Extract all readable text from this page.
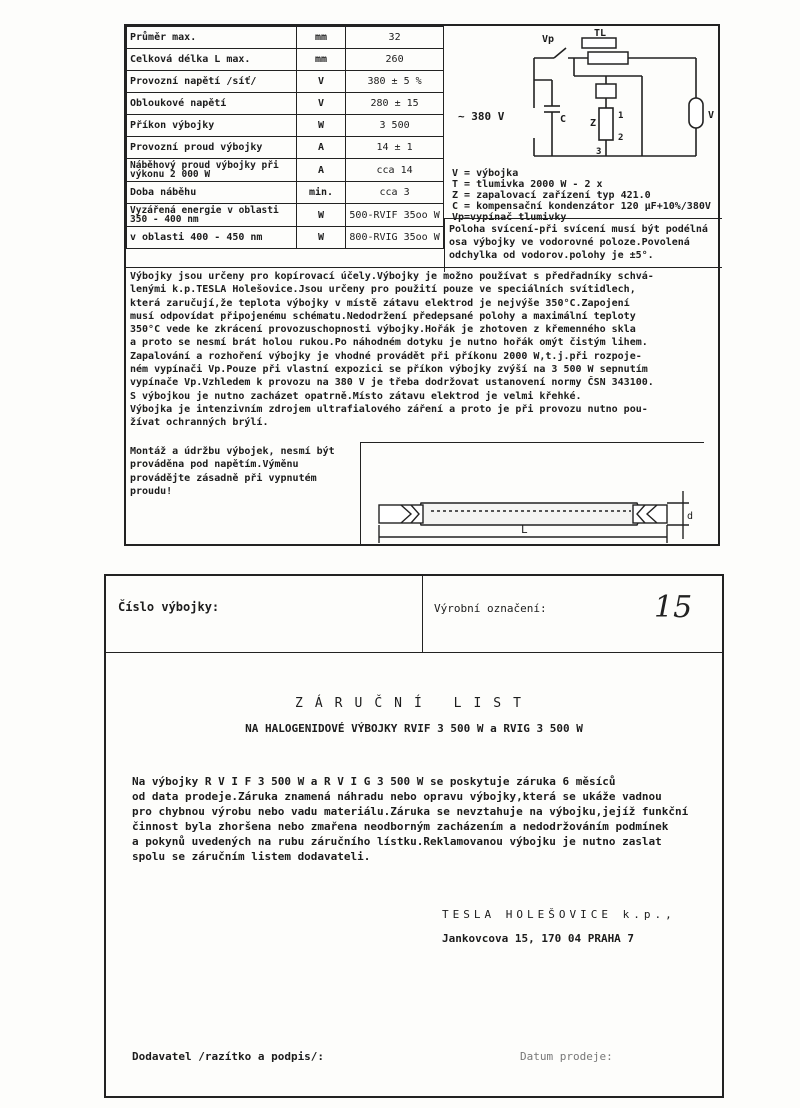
Průměr max.	mm	32
Celková délka L max.	mm	260
Provozní napětí /síť/	V	380 ± 5 %
Obloukové napětí	V	280 ± 15
Příkon výbojky	W	3 500
Provozní proud výbojky	A	14 ± 1
Náběhový proud výbojky při výkonu 2 000 W	A	cca 14
Doba náběhu	min.	cca 3
Vyzářená energie v oblasti 350 - 400 nm	W	500-RVIF 35oo W
v oblasti 400 - 450 nm	W	800-RVIG 35oo W
Vp
TL
~ 380 V	C Z
V
1
2
3
V = výbojka
T = tlumivka 2000 W - 2 x
Z = zapalovací zařízení typ 421.0
C = kompensační kondenzátor 120 μF+10%/380V
Vp=vypínač tlumivky
Poloha svícení-při svícení musí být podélná osa výbojky ve vodorovné poloze.Povolená odchylka od vodorov.polohy je ±5°.
Výbojky jsou určeny pro kopírovací účely.Výbojky je možno používat s předřadníky schvá-
lenými k.p.TESLA Holešovice.Jsou určeny pro použití pouze ve speciálních svítidlech,
která zaručují,že teplota výbojky v místě zátavu elektrod je nejvýše 350°C.Zapojení
musí odpovídat připojenému schématu.Nedodržení předepsané polohy a maximální teploty
350°C vede ke zkrácení provozuschopnosti výbojky.Hořák je zhotoven z křemenného skla
a proto se nesmí brát holou rukou.Po náhodném dotyku je nutno hořák omýt čistým lihem.
Zapalování a rozhoření výbojky je vhodné provádět při příkonu 2000 W,t.j.při rozpoje-
ném vypínači Vp.Pouze při vlastní expozici se příkon výbojky zvýší na 3 500 W sepnutím
vypínače Vp.Vzhledem k provozu na 380 V je třeba dodržovat ustanovení normy ČSN 343100.
S výbojkou je nutno zacházet opatrně.Místo zátavu elektrod je velmi křehké.
Výbojka je intenzivním zdrojem ultrafialového záření a proto je při provozu nutno pou-
žívat ochranných brýlí.
Montáž a údržbu výbojek, nesmí být
prováděna pod napětím.Výměnu
provádějte zásadně při vypnutém
proudu!
L
d
Číslo výbojky:	Výrobní označení:	15
ZÁRUČNÍ LIST
NA HALOGENIDOVÉ VÝBOJKY RVIF 3 500 W a RVIG 3 500 W
Na výbojky R V I F 3 500 W a R V I G 3 500 W se poskytuje záruka 6 měsíců
od data prodeje.Záruka znamená náhradu nebo opravu výbojky,která se ukáže vadnou
pro chybnou výrobu nebo vadu materiálu.Záruka se nevztahuje na výbojku,jejíž funkční
činnost byla zhoršena nebo zmařena neodborným zacházením a nedodržováním podmínek
a pokynů uvedených na rubu záručního lístku.Reklamovanou výbojku je nutno zaslat
spolu se záručním listem dodavateli.
TESLA HOLEŠOVICE k.p.,
Jankovcova 15, 170 04 PRAHA 7
Dodavatel /razítko a podpis/:	Datum prodeje:
